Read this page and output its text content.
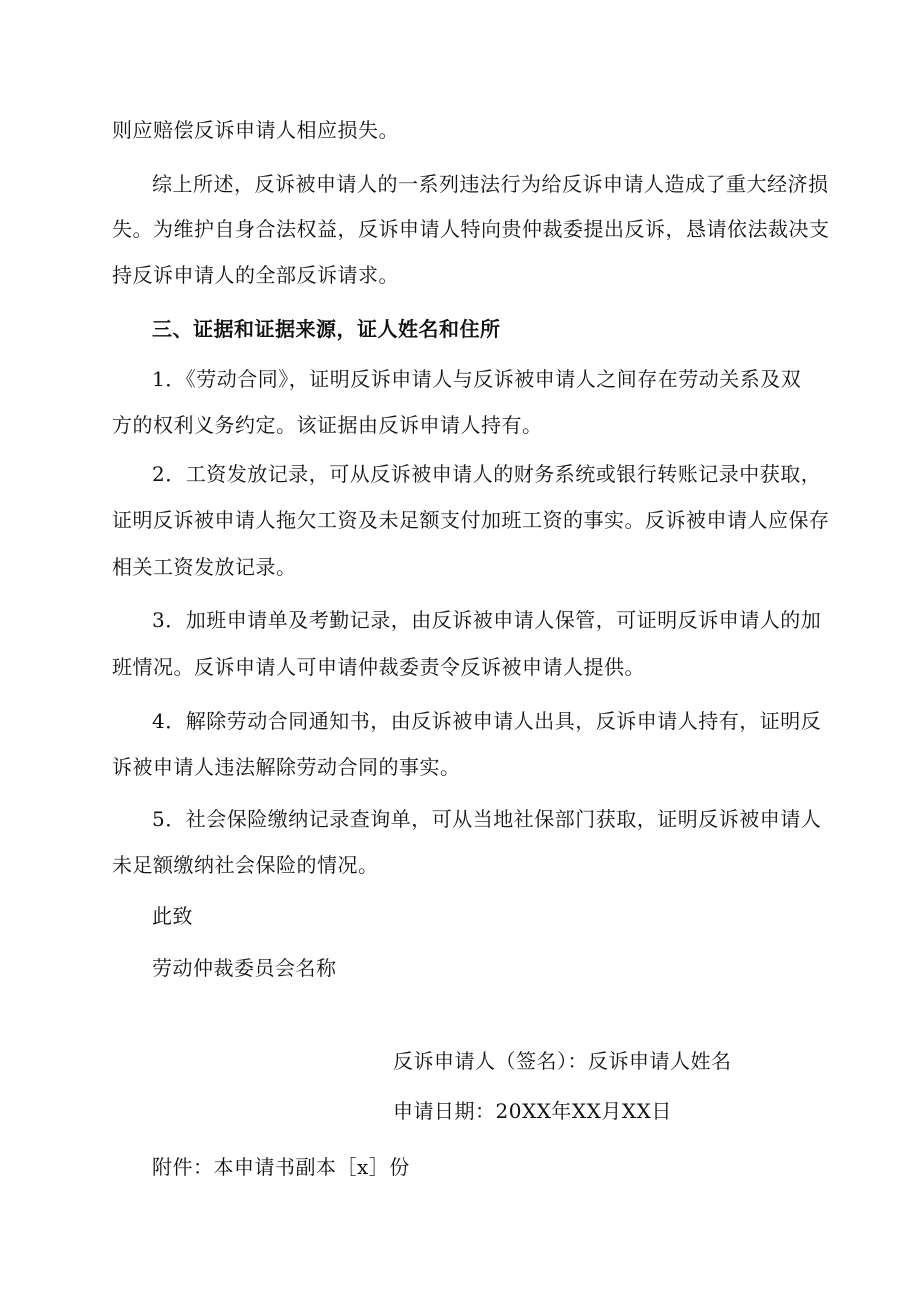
则应赔偿反诉申请人相应损失。
综上所述，反诉被申请人的一系列违法行为给反诉申请人造成了重大经济损
失。为维护自身合法权益，反诉申请人特向贵仲裁委提出反诉，恳请依法裁决支
持反诉申请人的全部反诉请求。
三、证据和证据来源，证人姓名和住所
1．《劳动合同》，证明反诉申请人与反诉被申请人之间存在劳动关系及双
方的权利义务约定。该证据由反诉申请人持有。
2．工资发放记录，可从反诉被申请人的财务系统或银行转账记录中获取，
证明反诉被申请人拖欠工资及未足额支付加班工资的事实。反诉被申请人应保存
相关工资发放记录。
3．加班申请单及考勤记录，由反诉被申请人保管，可证明反诉申请人的加
班情况。反诉申请人可申请仲裁委责令反诉被申请人提供。
4．解除劳动合同通知书，由反诉被申请人出具，反诉申请人持有，证明反
诉被申请人违法解除劳动合同的事实。
5．社会保险缴纳记录查询单，可从当地社保部门获取，证明反诉被申请人
未足额缴纳社会保险的情况。
此致
劳动仲裁委员会名称
反诉申请人（签名）：反诉申请人姓名
申请日期：20XX年XX月XX日
附件：本申请书副本［x］份
